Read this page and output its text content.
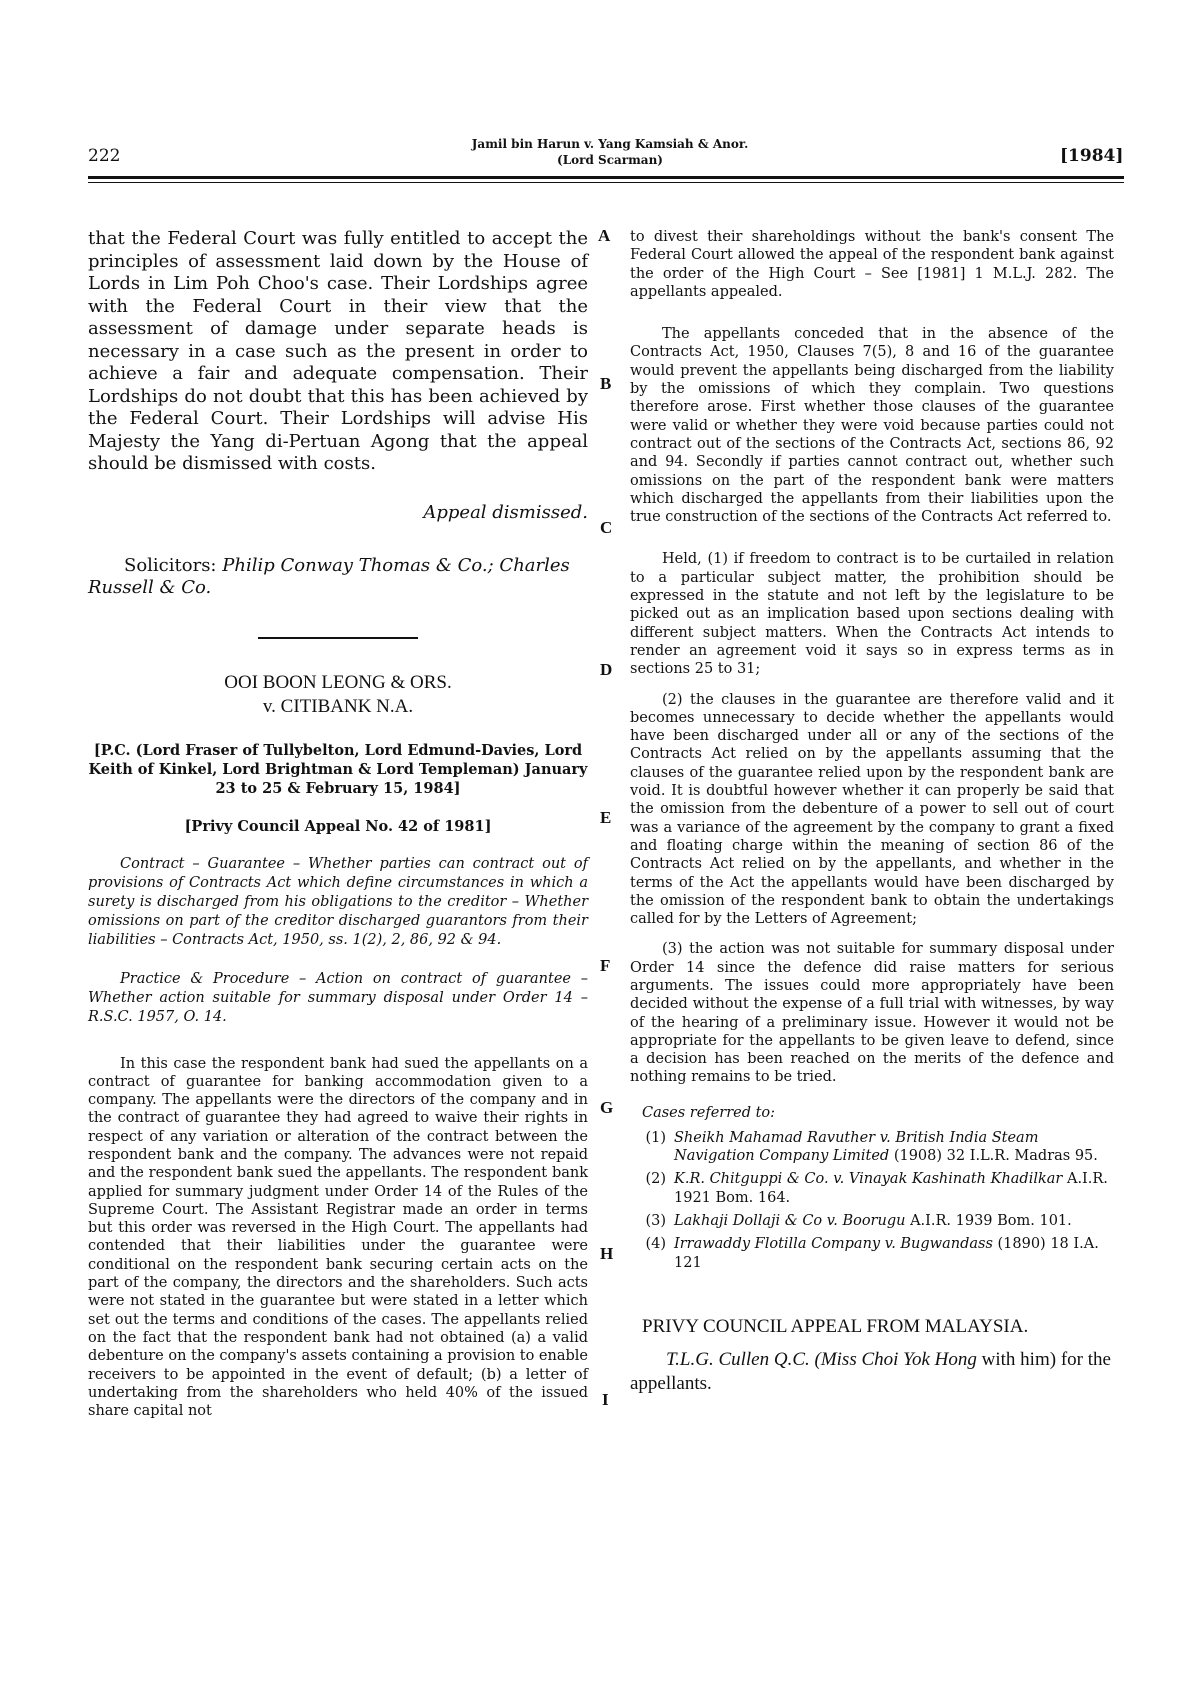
222
Jamil bin Harun v. Yang Kamsiah & Anor.
(Lord Scarman)	[1984]

that the Federal Court was fully entitled to accept the principles of assessment laid down by the House of Lords in Lim Poh Choo's case. Their Lordships agree with the Federal Court in their view that the assessment of damage under separate heads is necessary in a case such as the present in order to achieve a fair and adequate compensation. Their Lordships do not doubt that this has been achieved by the Federal Court. Their Lordships will advise His Majesty the Yang di-Pertuan Agong that the appeal should be dismissed with costs.

Appeal dismissed.

Solicitors: Philip Conway Thomas & Co.; Charles Russell & Co.

OOI BOON LEONG & ORS.
v. CITIBANK N.A.

[P.C. (Lord Fraser of Tullybelton, Lord Edmund-Davies, Lord Keith of Kinkel, Lord Brightman & Lord Templeman) January 23 to 25 & February 15, 1984]

[Privy Council Appeal No. 42 of 1981]

Contract – Guarantee – Whether parties can contract out of provisions of Contracts Act which define circumstances in which a surety is discharged from his obligations to the creditor – Whether omissions on part of the creditor discharged guarantors from their liabilities – Contracts Act, 1950, ss. 1(2), 2, 86, 92 & 94.

Practice & Procedure – Action on contract of guarantee – Whether action suitable for summary disposal under Order 14 – R.S.C. 1957, O. 14.

In this case the respondent bank had sued the appellants on a contract of guarantee for banking accommodation given to a company. The appellants were the directors of the company and in the contract of guarantee they had agreed to waive their rights in respect of any variation or alteration of the contract between the respondent bank and the company. The advances were not repaid and the respondent bank sued the appellants. The respondent bank applied for summary judgment under Order 14 of the Rules of the Supreme Court. The Assistant Registrar made an order in terms but this order was reversed in the High Court. The appellants had contended that their liabilities under the guarantee were conditional on the respondent bank securing certain acts on the part of the company, the directors and the shareholders. Such acts were not stated in the guarantee but were stated in a letter which set out the terms and conditions of the cases. The appellants relied on the fact that the respondent bank had not obtained (a) a valid debenture on the company's assets containing a provision to enable receivers to be appointed in the event of default; (b) a letter of undertaking from the shareholders who held 40% of the issued share capital not

A
B
C
D
E
F
G
H
I

to divest their shareholdings without the bank's consent The Federal Court allowed the appeal of the respondent bank against the order of the High Court – See [1981] 1 M.L.J. 282. The appellants appealed.

The appellants conceded that in the absence of the Contracts Act, 1950, Clauses 7(5), 8 and 16 of the guarantee would prevent the appellants being discharged from the liability by the omissions of which they complain. Two questions therefore arose. First whether those clauses of the guarantee were valid or whether they were void because parties could not contract out of the sections of the Contracts Act, sections 86, 92 and 94. Secondly if parties cannot contract out, whether such omissions on the part of the respondent bank were matters which discharged the appellants from their liabilities upon the true construction of the sections of the Contracts Act referred to.

Held, (1) if freedom to contract is to be curtailed in relation to a particular subject matter, the prohibition should be expressed in the statute and not left by the legislature to be picked out as an implication based upon sections dealing with different subject matters. When the Contracts Act intends to render an agreement void it says so in express terms as in sections 25 to 31;

(2) the clauses in the guarantee are therefore valid and it becomes unnecessary to decide whether the appellants would have been discharged under all or any of the sections of the Contracts Act relied on by the appellants assuming that the clauses of the guarantee relied upon by the respondent bank are void. It is doubtful however whether it can properly be said that the omission from the debenture of a power to sell out of court was a variance of the agreement by the company to grant a fixed and floating charge within the meaning of section 86 of the Contracts Act relied on by the appellants, and whether in the terms of the Act the appellants would have been discharged by the omission of the respondent bank to obtain the undertakings called for by the Letters of Agreement;

(3) the action was not suitable for summary disposal under Order 14 since the defence did raise matters for serious arguments. The issues could more appropriately have been decided without the expense of a full trial with witnesses, by way of the hearing of a preliminary issue. However it would not be appropriate for the appellants to be given leave to defend, since a decision has been reached on the merits of the defence and nothing remains to be tried.

Cases referred to:

(1) Sheikh Mahamad Ravuther v. British India Steam Navigation Company Limited (1908) 32 I.L.R. Madras 95.
(2) K.R. Chitguppi & Co. v. Vinayak Kashinath Khadilkar A.I.R. 1921 Bom. 164.
(3) Lakhaji Dollaji & Co v. Boorugu A.I.R. 1939 Bom. 101.
(4) Irrawaddy Flotilla Company v. Bugwandass (1890) 18 I.A. 121

PRIVY COUNCIL APPEAL FROM MALAYSIA.

T.L.G. Cullen Q.C. (Miss Choi Yok Hong with him) for the appellants.
